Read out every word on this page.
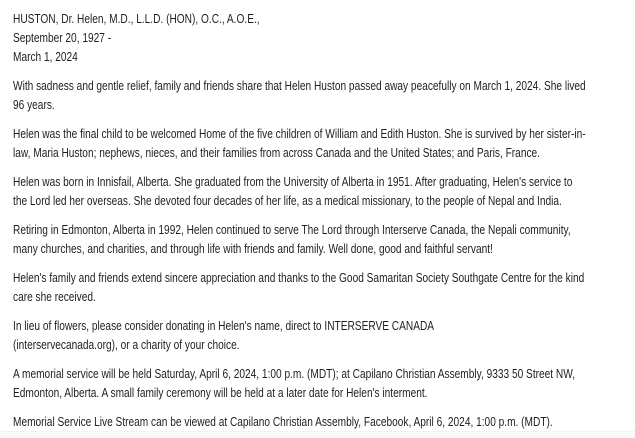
HUSTON, Dr. Helen, M.D., L.L.D. (HON), O.C., A.O.E.,
September 20, 1927 -
March 1, 2024
With sadness and gentle relief, family and friends share that Helen Huston passed away peacefully on March 1, 2024. She lived
96 years.
Helen was the final child to be welcomed Home of the five children of William and Edith Huston. She is survived by her sister-in-
law, Maria Huston; nephews, nieces, and their families from across Canada and the United States; and Paris, France.
Helen was born in Innisfail, Alberta. She graduated from the University of Alberta in 1951. After graduating, Helen's service to
the Lord led her overseas. She devoted four decades of her life, as a medical missionary, to the people of Nepal and India.
Retiring in Edmonton, Alberta in 1992, Helen continued to serve The Lord through Interserve Canada, the Nepali community,
many churches, and charities, and through life with friends and family. Well done, good and faithful servant!
Helen's family and friends extend sincere appreciation and thanks to the Good Samaritan Society Southgate Centre for the kind
care she received.
In lieu of flowers, please consider donating in Helen's name, direct to INTERSERVE CANADA
(interservecanada.org), or a charity of your choice.
A memorial service will be held Saturday, April 6, 2024, 1:00 p.m. (MDT); at Capilano Christian Assembly, 9333 50 Street NW,
Edmonton, Alberta. A small family ceremony will be held at a later date for Helen's interment.
Memorial Service Live Stream can be viewed at Capilano Christian Assembly, Facebook, April 6, 2024, 1:00 p.m. (MDT).
